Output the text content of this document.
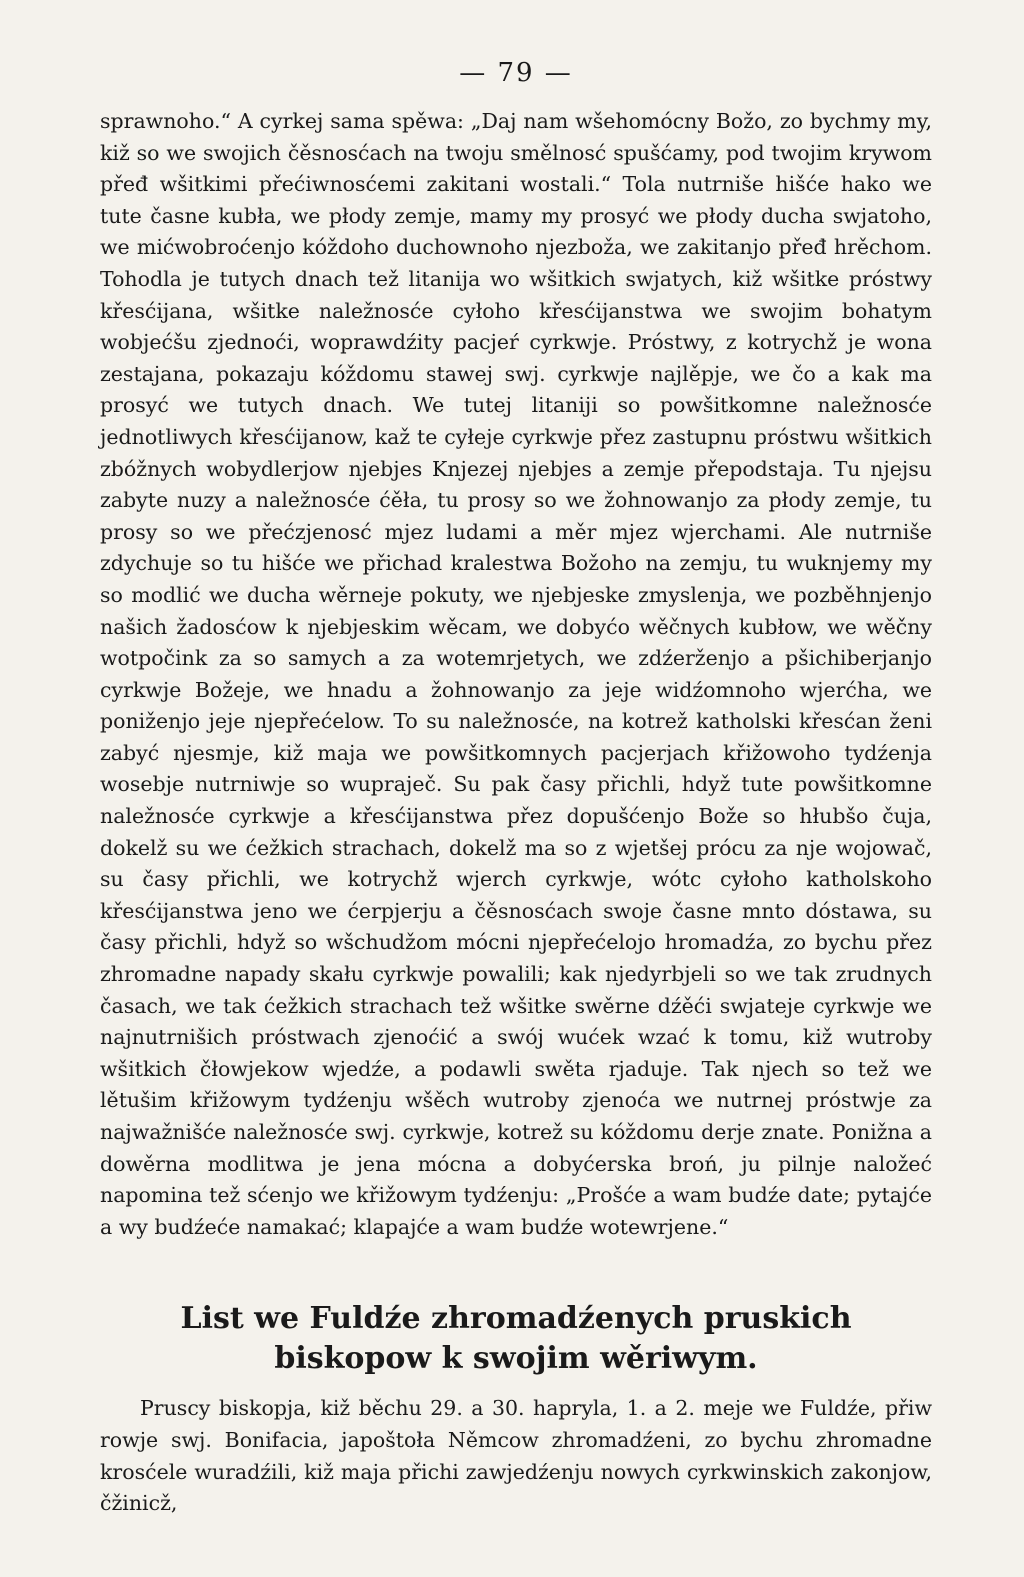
— 79 —

sprawnoho.“ A cyrkej sama spěwa: „Daj nam wšehomócny Božo, zo bychmy my, kiž so we swojich čěsnosćach na twoju smělnosć spušćamy, pod twojim krywom přeđ wšitkimi přećiwnosćemi zakitani wostali.“ Tola nutrniše hišće hako we tute časne kubła, we płody zemje, mamy my prosyć we płody ducha swjatoho, we mićwobroćenjo kóždoho duchownoho njezboža, we zakitanjo přeđ hrěchom. Tohodla je tutych dnach tež litanija wo wšitkich swjatych, kiž wšitke próstwy křesćijana, wšitke naležnosće cyłoho křesćijanstwa we swojim bohatym wobjećšu zjednoći, woprawdźity pacjeŕ cyrkwje. Próstwy, z kotrychž je wona zestajana, pokazaju kóždomu stawej swj. cyrkwje najlěpje, we čo a kak ma prosyć we tutych dnach. We tutej litaniji so powšitkomne naležnosće jednotliwych křesćijanow, kaž te cyłeje cyrkwje přez zastupnu próstwu wšitkich zbóžnych wobydlerjow njebjes Knjezej njebjes a zemje přepodstaja. Tu njejsu zabyte nuzy a naležnosće ćěła, tu prosy so we žohnowanjo za płody zemje, tu prosy so we přećzjenosć mjez ludami a měr mjez wjerchami. Ale nutrniše zdychuje so tu hišće we přichad kralestwa Božoho na zemju, tu wuknjemy my so modlić we ducha wěrneje pokuty, we njebjeske zmyslenja, we pozběhnjenjo našich žadosćow k njebjeskim wěcam, we dobyćo wěčnych kubłow, we wěčny wotpočink za so samych a za wotemrjetych, we zdźerženjo a pšichiberjanjo cyrkwje Božeje, we hnadu a žohnowanjo za jeje widźomnoho wjerćha, we poniženjo jeje njepřećelow. To su naležnosće, na kotrež katholski křesćan ženi zabyć njesmje, kiž maja we powšitkomnych pacjerjach křižowoho tydźenja wosebje nutrniwje so wupraječ. Su pak časy přichli, hdyž tute powšitkomne naležnosće cyrkwje a křesćijanstwa přez dopušćenjo Bože so hłubšo čuja, dokelž su we ćežkich strachach, dokelž ma so z wjetšej prócu za nje wojowač, su časy přichli, we kotrychž wjerch cyrkwje, wótc cyłoho katholskoho křesćijanstwa jeno we ćerpjerju a čěsnosćach swoje časne mnto dóstawa, su časy přichli, hdyž so wšchudžom mócni njepřećelojo hromadźa, zo bychu přez zhromadne napady skału cyrkwje powalili; kak njedyrbjeli so we tak zrudnych časach, we tak ćežkich strachach tež wšitke swěrne dźěći swjateje cyrkwje we najnutrnišich próstwach zjenoćić a swój wućek wzać k tomu, kiž wutroby wšitkich čłowjekow wjedźe, a podawli swěta rjaduje. Tak njech so tež we lětušim křižowym tydźenju wšěch wutroby zjenoća we nutrnej próstwje za najwažnišće naležnosće swj. cyrkwje, kotrež su kóždomu derje znate. Ponižna a dowěrna modlitwa je jena mócna a dobyćerska broń, ju pilnje naložeć napomina tež sćenjo we křižowym tydźenju: „Prošće a wam budźe date; pytajće a wy budźeće namakać; klapajće a wam budźe wotewrjene.“

List we Fuldźe zhromadźenych pruskich biskopow k swojim wěriwym.

Pruscy biskopja, kiž běchu 29. a 30. hapryla, 1. a 2. meje we Fuldźe, přiw rowje swj. Bonifacia, japoštoła Němcow zhromadźeni, zo bychu zhromadne krosćele wuradźili, kiž maja přichi zawjedźenju nowych cyrkwinskich zakonjow, čžinicž,
